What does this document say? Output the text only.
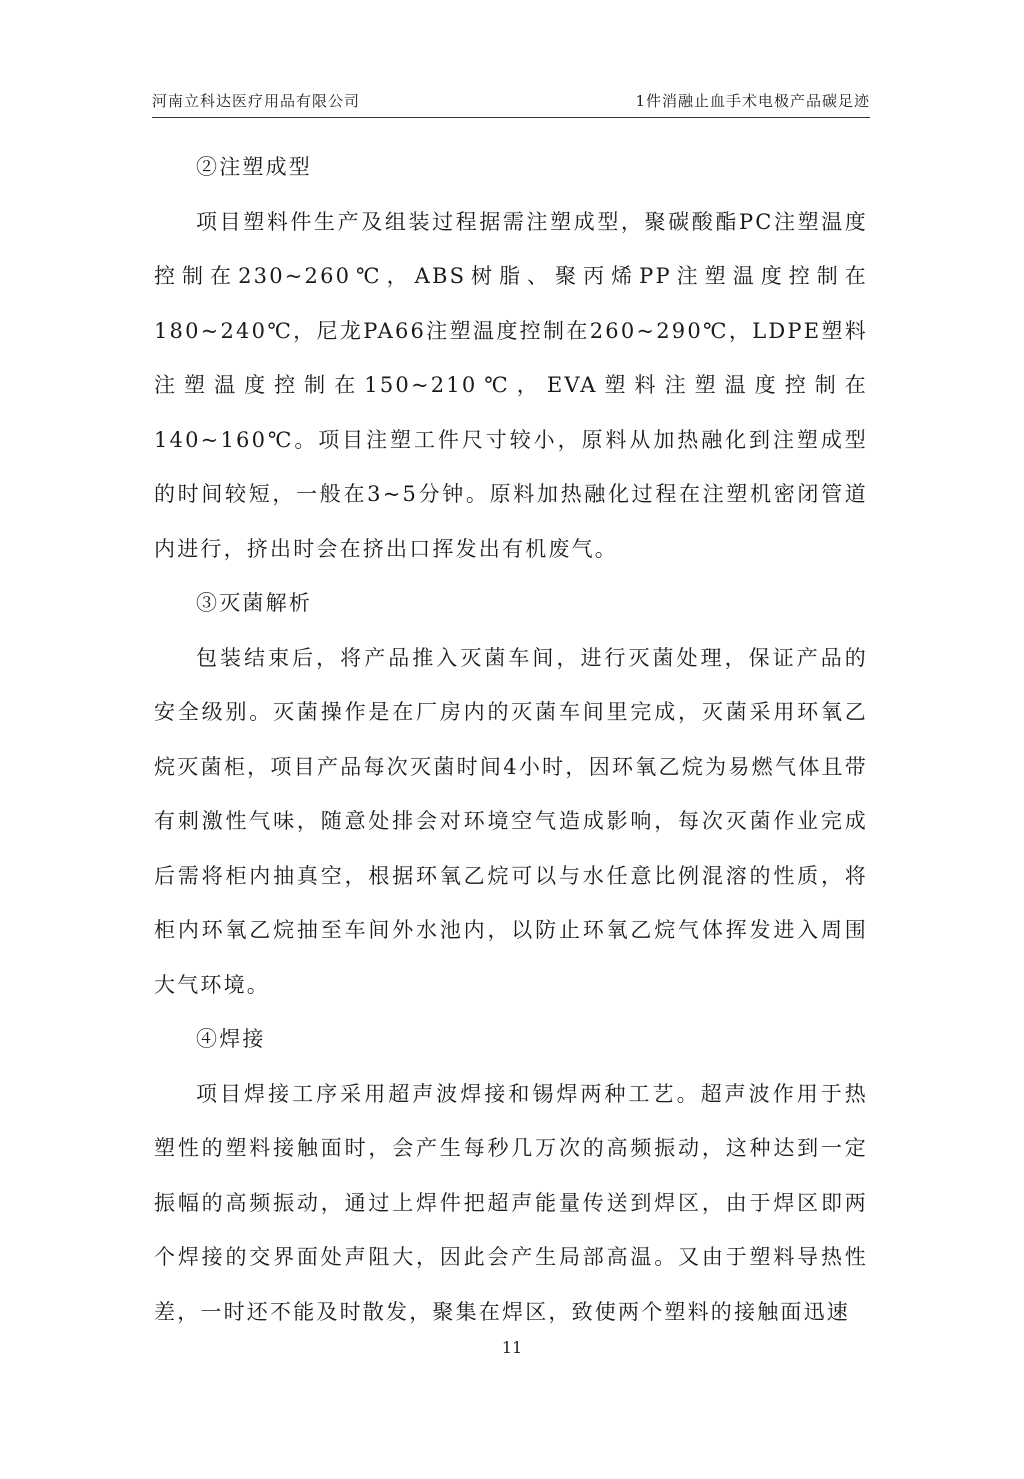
河南立科达医疗用品有限公司	1件消融止血手术电极产品碳足迹

②注塑成型

项目塑料件生产及组装过程据需注塑成型，聚碳酸酯PC注塑温度控制在230~260℃，ABS树脂、聚丙烯PP注塑温度控制在180~240℃，尼龙PA66注塑温度控制在260~290℃，LDPE塑料注塑温度控制在150~210℃，EVA塑料注塑温度控制在140~160℃。项目注塑工件尺寸较小，原料从加热融化到注塑成型的时间较短，一般在3~5分钟。原料加热融化过程在注塑机密闭管道内进行，挤出时会在挤出口挥发出有机废气。

③灭菌解析

包装结束后，将产品推入灭菌车间，进行灭菌处理，保证产品的安全级别。灭菌操作是在厂房内的灭菌车间里完成，灭菌采用环氧乙烷灭菌柜，项目产品每次灭菌时间4小时，因环氧乙烷为易燃气体且带有刺激性气味，随意处排会对环境空气造成影响，每次灭菌作业完成后需将柜内抽真空，根据环氧乙烷可以与水任意比例混溶的性质，将柜内环氧乙烷抽至车间外水池内，以防止环氧乙烷气体挥发进入周围大气环境。

④焊接

项目焊接工序采用超声波焊接和锡焊两种工艺。超声波作用于热塑性的塑料接触面时，会产生每秒几万次的高频振动，这种达到一定振幅的高频振动，通过上焊件把超声能量传送到焊区，由于焊区即两个焊接的交界面处声阻大，因此会产生局部高温。又由于塑料导热性差，一时还不能及时散发，聚集在焊区，致使两个塑料的接触面迅速

11
